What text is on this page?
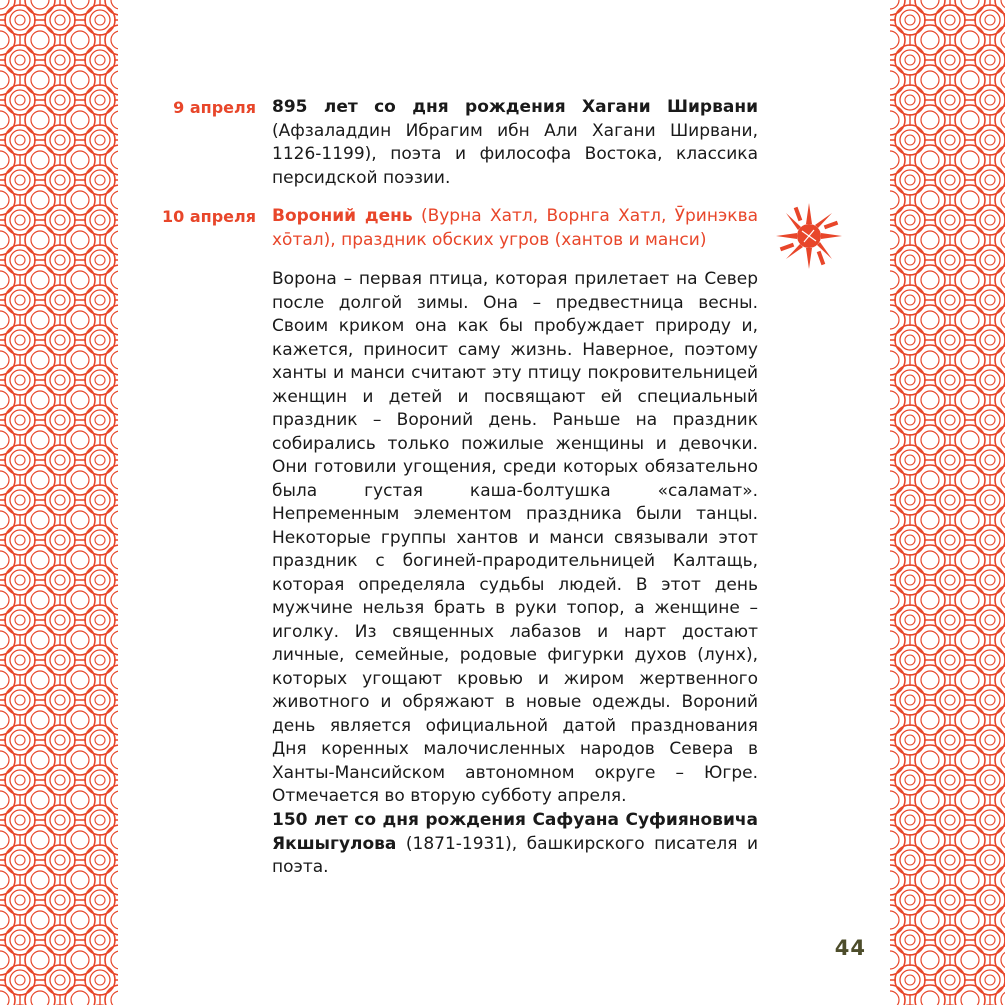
9 апреля 895 лет со дня рождения Хагани Ширвани (Афзаладдин Ибрагим ибн Али Хагани Ширвани, 1126-1199), поэта и философа Востока, классика персидской поэзии.
10 апреля Вороний день (Вурна Хатл, Ворнга Хатл, Ӯринэква хо̄тал), праздник обских угров (хантов и манси)
Ворона – первая птица, которая прилетает на Север после долгой зимы. Она – предвестница весны. Своим криком она как бы пробуждает природу и, кажется, приносит саму жизнь. Наверное, поэтому ханты и манси считают эту птицу покровительницей женщин и детей и посвящают ей специальный праздник – Вороний день. Раньше на праздник собирались только пожилые женщины и девочки. Они готовили угощения, среди которых обязательно была густая каша-болтушка «саламат». Непременным элементом праздника были танцы. Некоторые группы хантов и манси связывали этот праздник с богиней-прародительницей Калтащь, которая определяла судьбы людей. В этот день мужчине нельзя брать в руки топор, а женщине – иголку. Из священных лабазов и нарт достают личные, семейные, родовые фигурки духов (лунх), которых угощают кровью и жиром жертвенного животного и обряжают в новые одежды. Вороний день является официальной датой празднования Дня коренных малочисленных народов Севера в Ханты-Мансийском автономном округе – Югре. Отмечается во вторую субботу апреля.
150 лет со дня рождения Сафуана Суфияновича Якшыгулова (1871-1931), башкирского писателя и поэта.
44
